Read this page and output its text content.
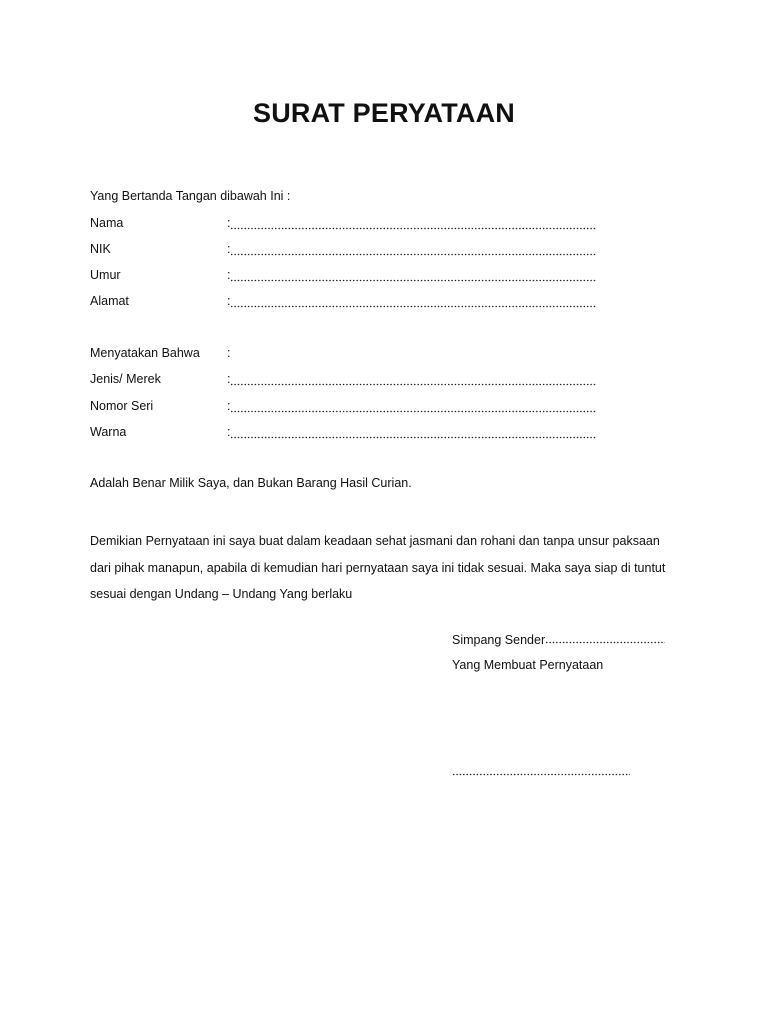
SURAT PERYATAAN
Yang Bertanda Tangan dibawah Ini :
Nama	:
NIK	:
Umur	:
Alamat	:
Menyatakan Bahwa :
Jenis/ Merek	:
Nomor Seri	:
Warna	:

Adalah Benar Milik Saya, dan Bukan Barang Hasil Curian.

Demikian Pernyataan ini saya buat dalam keadaan sehat jasmani dan rohani dan tanpa unsur paksaan
dari pihak manapun, apabila di kemudian hari pernyataan saya ini tidak sesuai. Maka saya siap di tuntut
sesuai dengan Undang – Undang Yang berlaku
Simpang Sender
Yang Membuat Pernyataan
